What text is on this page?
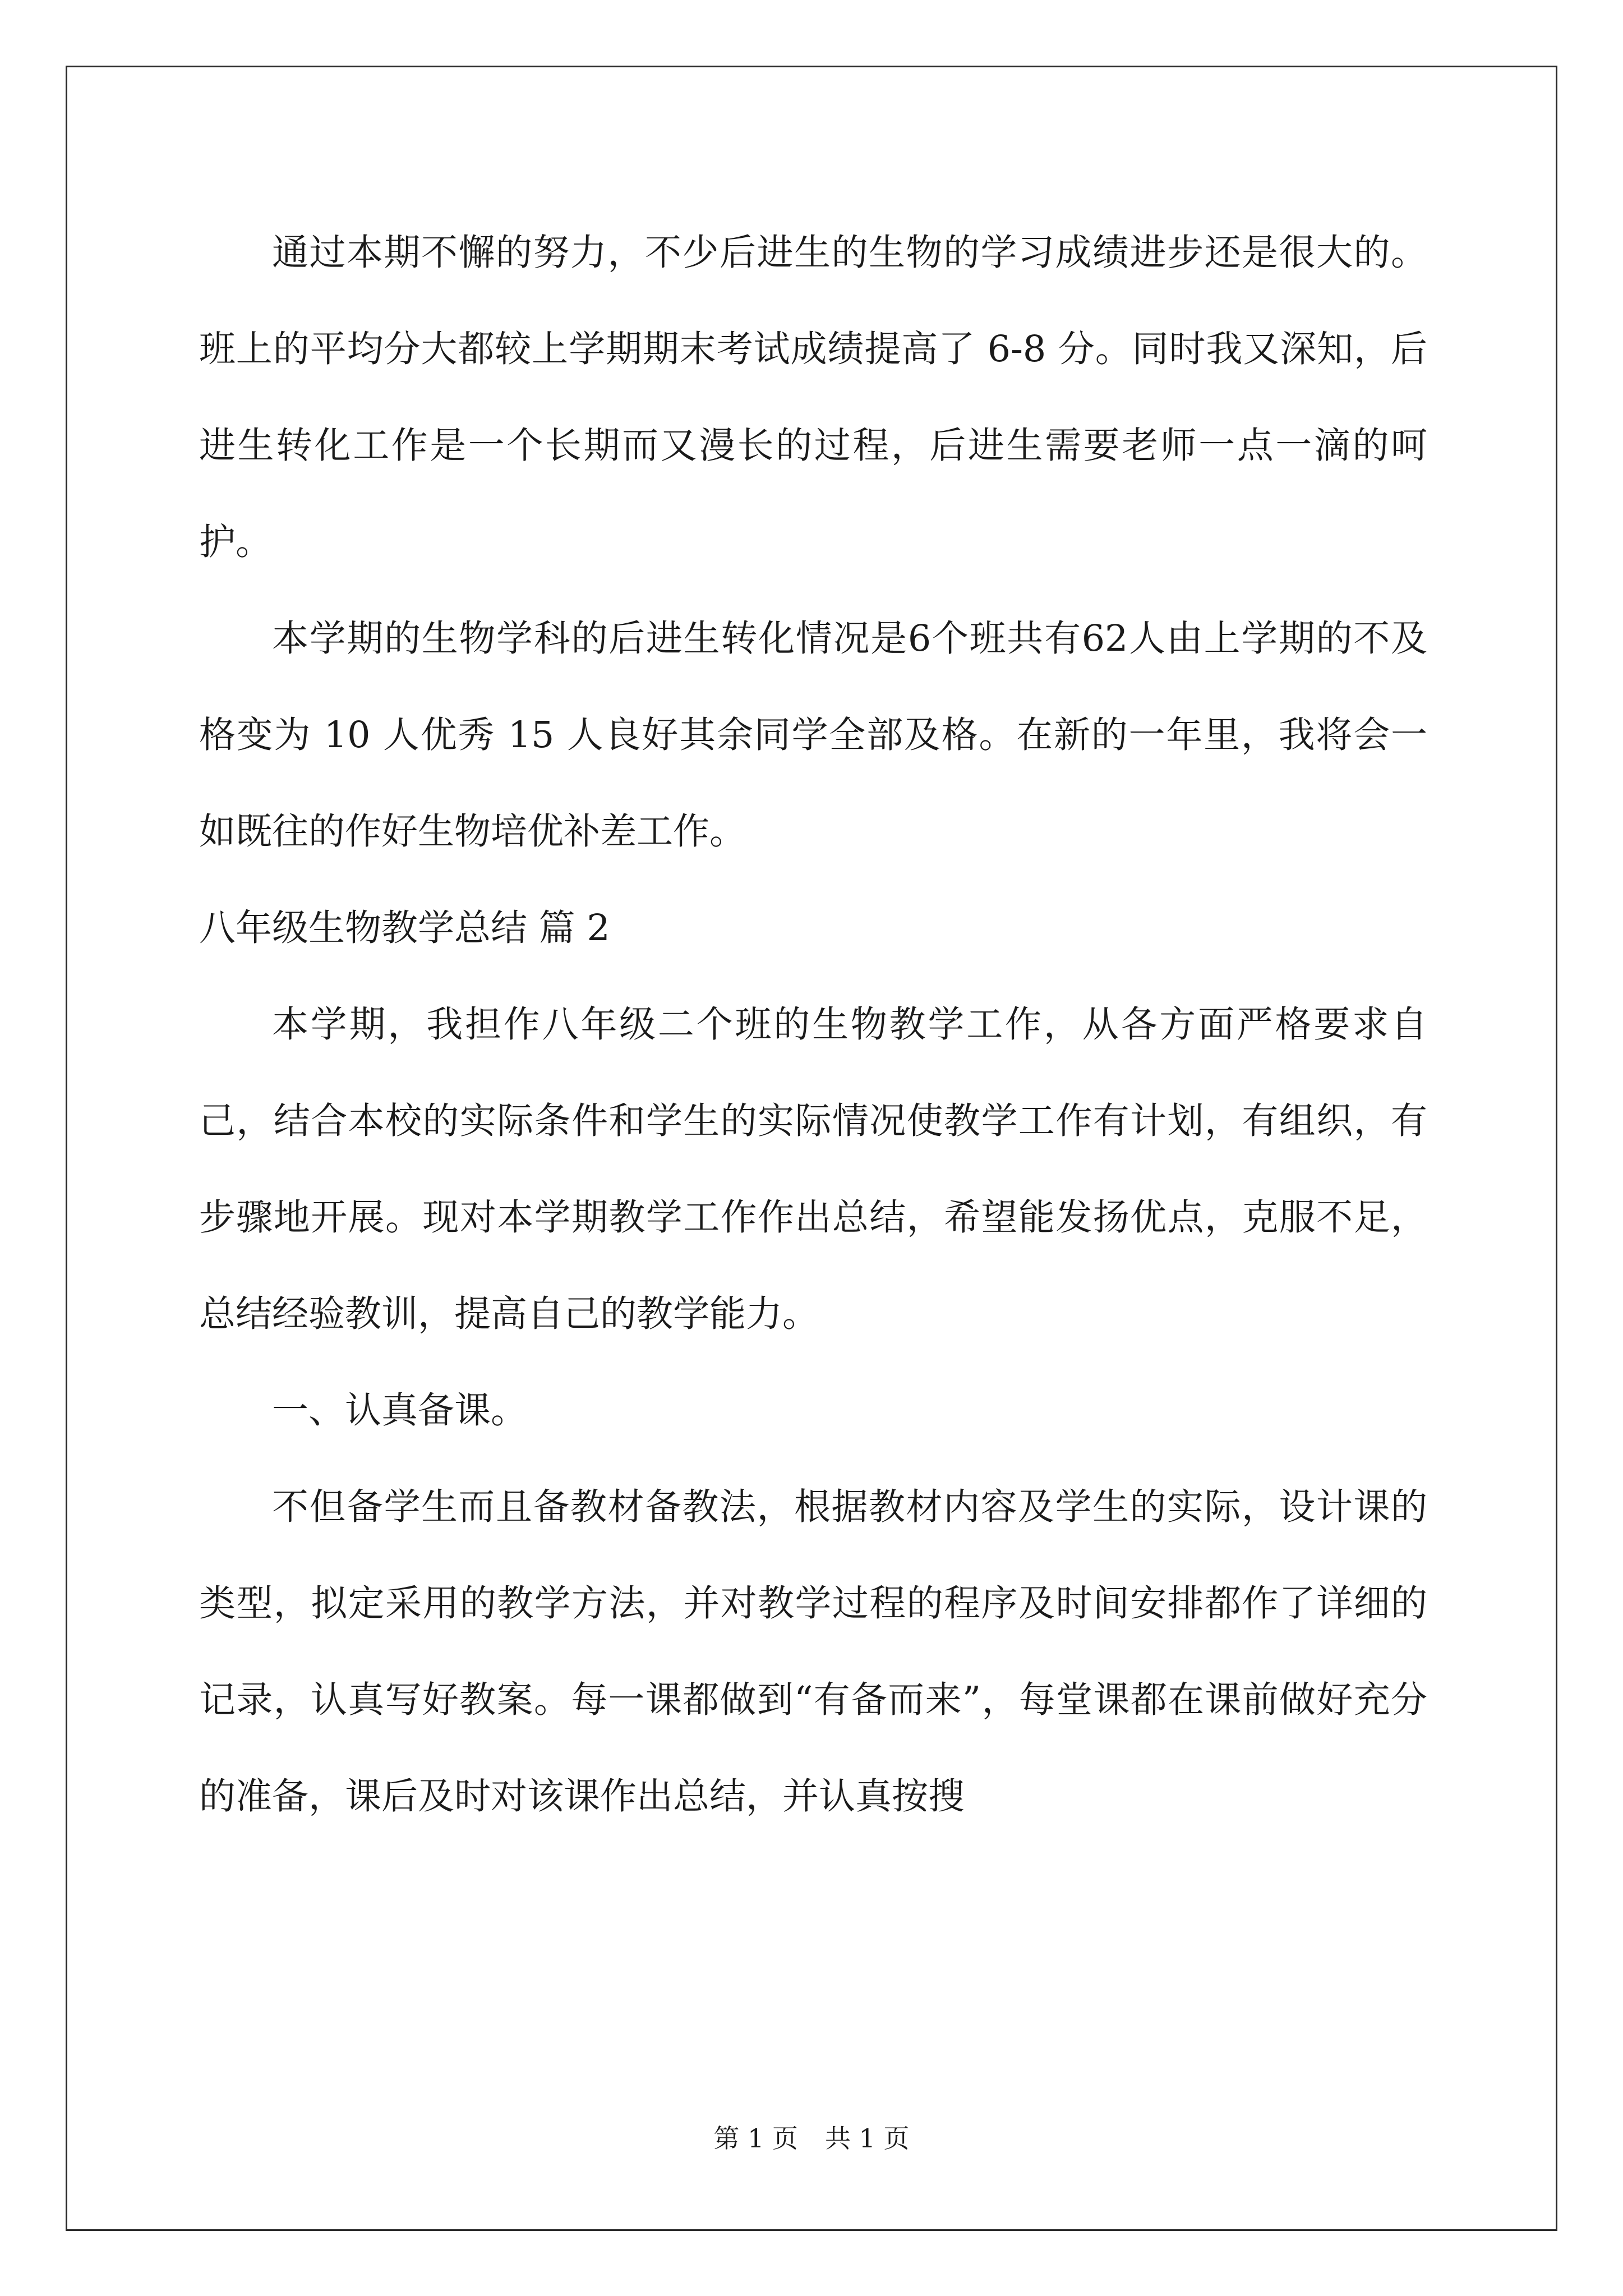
通过本期不懈的努力，不少后进生的生物的学习成绩进步还是很大的。班上的平均分大都较上学期期末考试成绩提高了 6-8 分。同时我又深知，后进生转化工作是一个长期而又漫长的过程，后进生需要老师一点一滴的呵护。

本学期的生物学科的后进生转化情况是6个班共有62人由上学期的不及格变为 10 人优秀 15 人良好其余同学全部及格。在新的一年里，我将会一如既往的作好生物培优补差工作。

八年级生物教学总结 篇 2

本学期，我担作八年级二个班的生物教学工作，从各方面严格要求自己，结合本校的实际条件和学生的实际情况使教学工作有计划，有组织，有步骤地开展。现对本学期教学工作作出总结，希望能发扬优点，克服不足，总结经验教训，提高自己的教学能力。

一、认真备课。

不但备学生而且备教材备教法，根据教材内容及学生的实际，设计课的类型，拟定采用的教学方法，并对教学过程的程序及时间安排都作了详细的记录，认真写好教案。每一课都做到“有备而来”，每堂课都在课前做好充分的准备，课后及时对该课作出总结，并认真按搜

第 1 页 共 1 页
